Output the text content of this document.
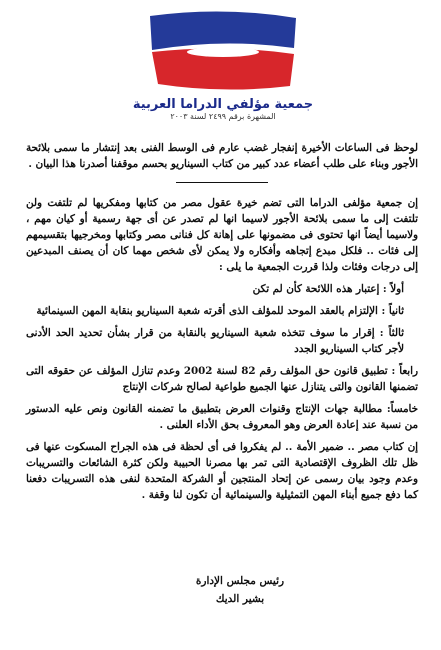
جمعية مؤلفي الدراما العربية
المشهرة برقم ٢٤٩٩ لسنة ٢٠٠٣

لوحظ فى الساعات الأخيرة إنفجار غضب عارم فى الوسط الفنى بعد إنتشار ما سمى بلائحة الأجور وبناء على طلب أعضاء عدد كبير من كتاب السيناريو بحسم موقفنا أصدرنا هذا البيان .

إن جمعية مؤلفى الدراما التى تضم خيرة عقول مصر من كتابها ومفكريها لم تلتفت ولن تلتفت إلى ما سمى بلائحة الأجور لاسيما انها لم تصدر عن أى جهة رسمية أو كيان مهم ، ولاسيما أيضاً انها تحتوى فى مضمونها على إهانة كل فنانى مصر وكتابها ومخرجيها بتقسيمهم إلى فئات .. فلكل مبدع إتجاهه وأفكاره ولا يمكن لأى شخص مهما كان أن يصنف المبدعين إلى درجات وفئات ولذا قررت الجمعية ما يلى :

أولاً : إعتبار هذه اللائحة كأن لم تكن

ثانياً : الإلتزام بالعقد الموحد للمؤلف الذى أقرته شعبة السيناريو بنقابة المهن السينمائية

ثالثاً : إقرار ما سوف تتخذه شعبة السيناريو بالنقابة من قرار بشأن تحديد الحد الأدنى لأجر كتاب السيناريو الجدد

رابعاً : تطبيق قانون حق المؤلف رقم 82 لسنة 2002 وعدم تنازل المؤلف عن حقوقه التى تضمنها القانون والتى يتنازل عنها الجميع طواعية لصالح شركات الإنتاج

خامساً: مطالبة جهات الإنتاج وقنوات العرض بتطبيق ما تضمنه القانون ونص عليه الدستور من نسبة عند إعادة العرض وهو المعروف بحق الأداء العلنى .

إن كتاب مصر .. ضمير الأمة .. لم يفكروا فى أى لحظة فى هذه الجراح المسكوت عنها فى ظل تلك الظروف الإقتصادية التى تمر بها مصرنا الحبيبة ولكن كثرة الشائعات والتسريبات وعدم وجود بيان رسمى عن إتحاد المنتجين أو الشركة المتحدة لنفى هذه التسريبات دفعنا كما دفع جميع أبناء المهن التمثيلية والسينمائية أن تكون لنا وقفة .

رئيس مجلس الإدارة
بشير الديك
